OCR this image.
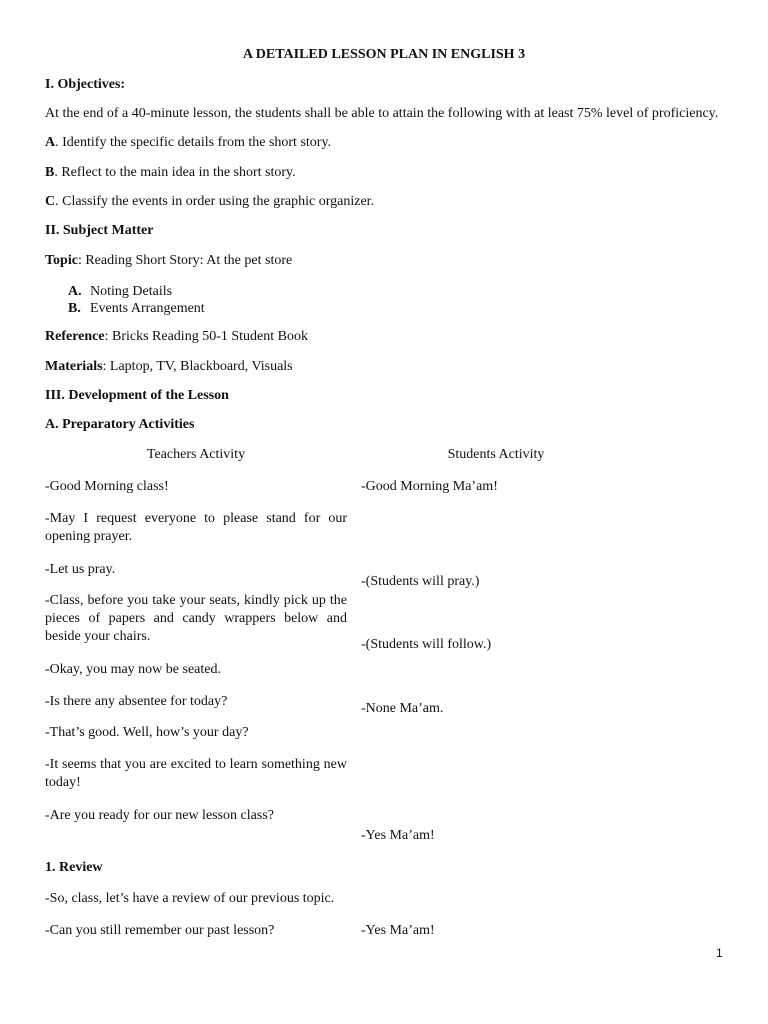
A DETAILED LESSON PLAN IN ENGLISH 3
I. Objectives:
At the end of a 40-minute lesson, the students shall be able to attain the following with at least 75% level of proficiency.
A. Identify the specific details from the short story.
B. Reflect to the main idea in the short story.
C. Classify the events in order using the graphic organizer.
II. Subject Matter
Topic: Reading Short Story: At the pet store
A. Noting Details
B. Events Arrangement
Reference: Bricks Reading 50-1 Student Book
Materials: Laptop, TV, Blackboard, Visuals
III. Development of the Lesson
A. Preparatory Activities
Teachers Activity	Students Activity
-Good Morning class!
-May I request everyone to please stand for our opening prayer.
-Let us pray.
-Class, before you take your seats, kindly pick up the pieces of papers and candy wrappers below and beside your chairs.
-Okay, you may now be seated.
-Is there any absentee for today?
-That’s good. Well, how’s your day?
-It seems that you are excited to learn something new today!
-Are you ready for our new lesson class?
-Good Morning Ma’am!
-(Students will pray.)
-(Students will follow.)
-None Ma’am.
-Yes Ma’am!
1. Review
-So, class, let’s have a review of our previous topic.
-Can you still remember our past lesson?	-Yes Ma’am!
1
